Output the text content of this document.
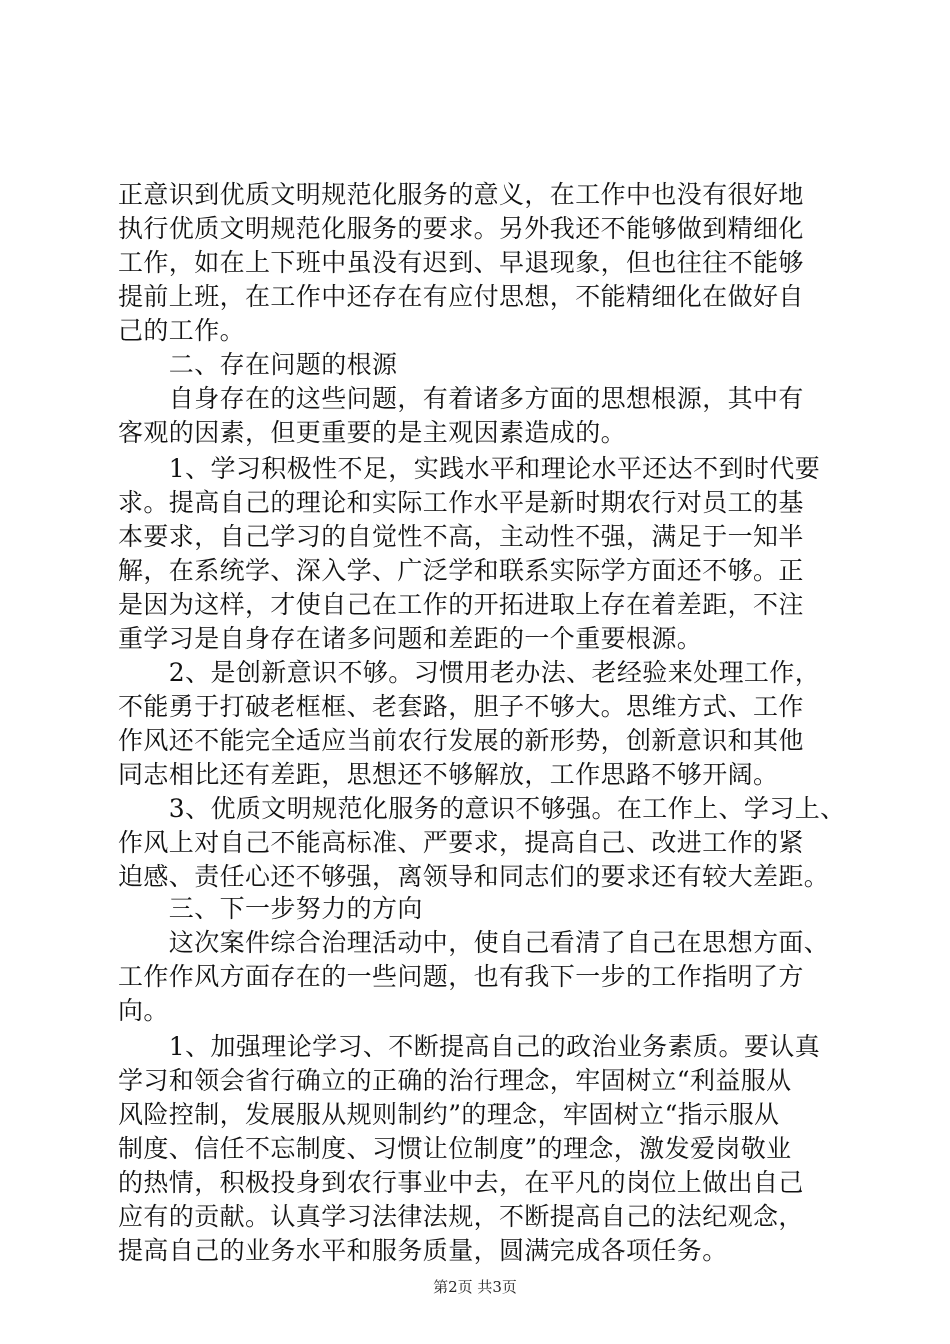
正意识到优质文明规范化服务的意义，在工作中也没有很好地
执行优质文明规范化服务的要求。另外我还不能够做到精细化
工作，如在上下班中虽没有迟到、早退现象，但也往往不能够
提前上班，在工作中还存在有应付思想，不能精细化在做好自
己的工作。
　　二、存在问题的根源
　　自身存在的这些问题，有着诸多方面的思想根源，其中有
客观的因素，但更重要的是主观因素造成的。
　　1、学习积极性不足，实践水平和理论水平还达不到时代要
求。提高自己的理论和实际工作水平是新时期农行对员工的基
本要求，自己学习的自觉性不高，主动性不强，满足于一知半
解，在系统学、深入学、广泛学和联系实际学方面还不够。正
是因为这样，才使自己在工作的开拓进取上存在着差距，不注
重学习是自身存在诸多问题和差距的一个重要根源。
　　2、是创新意识不够。习惯用老办法、老经验来处理工作，
不能勇于打破老框框、老套路，胆子不够大。思维方式、工作
作风还不能完全适应当前农行发展的新形势，创新意识和其他
同志相比还有差距，思想还不够解放，工作思路不够开阔。
　　3、优质文明规范化服务的意识不够强。在工作上、学习上、
作风上对自己不能高标准、严要求，提高自己、改进工作的紧
迫感、责任心还不够强，离领导和同志们的要求还有较大差距。
　　三、下一步努力的方向
　　这次案件综合治理活动中，使自己看清了自己在思想方面、
工作作风方面存在的一些问题，也有我下一步的工作指明了方
向。
　　1、加强理论学习、不断提高自己的政治业务素质。要认真
学习和领会省行确立的正确的治行理念，牢固树立“利益服从
风险控制，发展服从规则制约”的理念，牢固树立“指示服从
制度、信任不忘制度、习惯让位制度”的理念，激发爱岗敬业
的热情，积极投身到农行事业中去，在平凡的岗位上做出自己
应有的贡献。认真学习法律法规，不断提高自己的法纪观念，
提高自己的业务水平和服务质量，圆满完成各项任务。
第2页 共3页
